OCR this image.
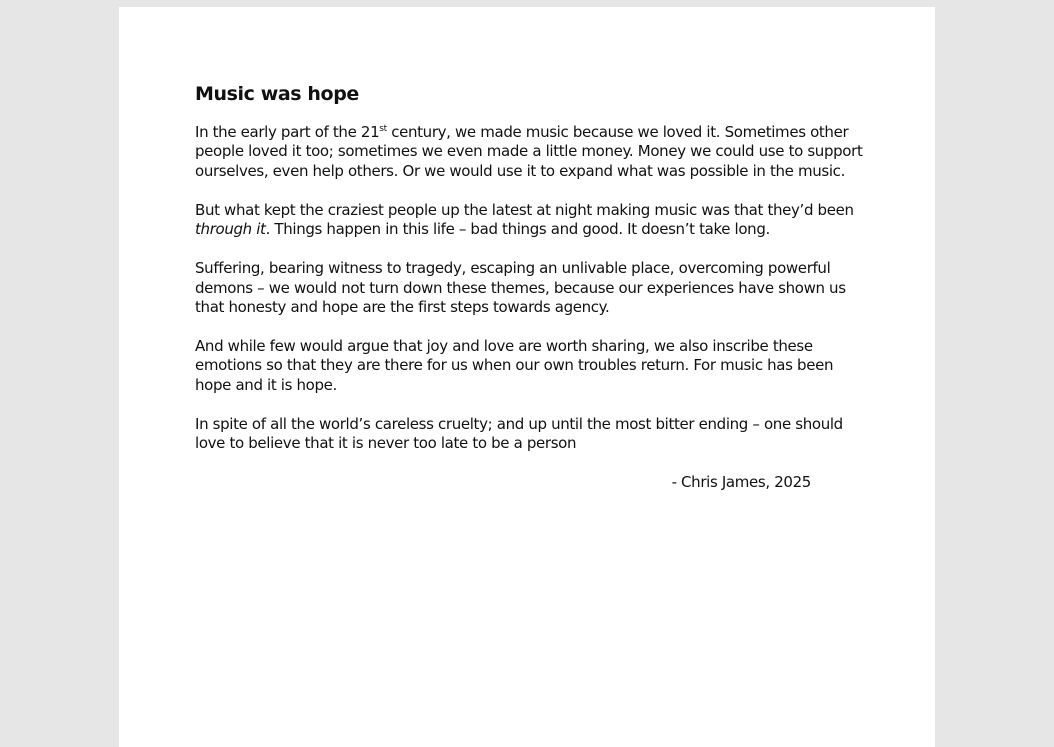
Music was hope

In the early part of the 21st century, we made music because we loved it. Sometimes other people loved it too; sometimes we even made a little money. Money we could use to support ourselves, even help others. Or we would use it to expand what was possible in the music.

But what kept the craziest people up the latest at night making music was that they’d been through it. Things happen in this life – bad things and good. It doesn’t take long.

Suffering, bearing witness to tragedy, escaping an unlivable place, overcoming powerful demons – we would not turn down these themes, because our experiences have shown us that honesty and hope are the first steps towards agency.

And while few would argue that joy and love are worth sharing, we also inscribe these emotions so that they are there for us when our own troubles return. For music has been hope and it is hope.

In spite of all the world’s careless cruelty; and up until the most bitter ending – one should love to believe that it is never too late to be a person

- Chris James, 2025
